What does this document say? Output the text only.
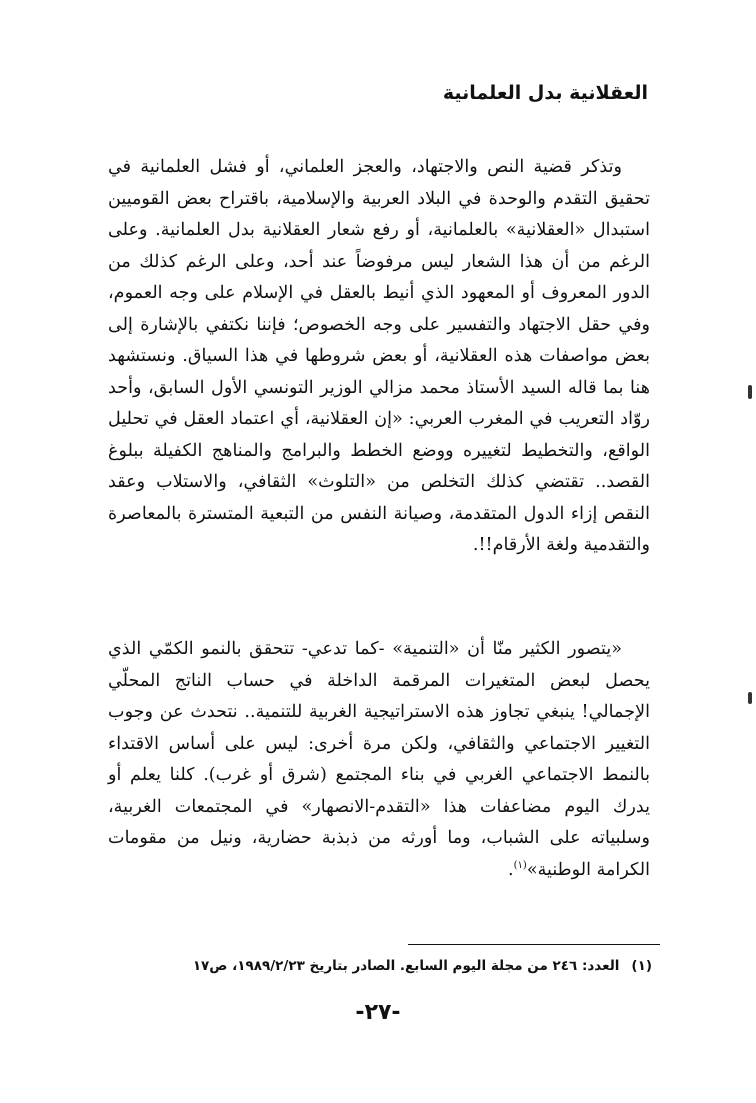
العقلانية بدل العلمانية

وتذكر قضية النص والاجتهاد، والعجز العلماني، أو فشل العلمانية في تحقيق التقدم والوحدة في البلاد العربية والإسلامية، باقتراح بعض القوميين استبدال «العقلانية» بالعلمانية، أو رفع شعار العقلانية بدل العلمانية. وعلى الرغم من أن هذا الشعار ليس مرفوضاً عند أحد، وعلى الرغم كذلك من الدور المعروف أو المعهود الذي أنيط بالعقل في الإسلام على وجه العموم، وفي حقل الاجتهاد والتفسير على وجه الخصوص؛ فإننا نكتفي بالإشارة إلى بعض مواصفات هذه العقلانية، أو بعض شروطها في هذا السياق. ونستشهد هنا بما قاله السيد الأستاذ محمد مزالي الوزير التونسي الأول السابق، وأحد روّاد التعريب في المغرب العربي: «إن العقلانية، أي اعتماد العقل في تحليل الواقع، والتخطيط لتغييره ووضع الخطط والبرامج والمناهج الكفيلة ببلوغ القصد.. تقتضي كذلك التخلص من «التلوث» الثقافي، والاستلاب وعقد النقص إزاء الدول المتقدمة، وصيانة النفس من التبعية المتسترة بالمعاصرة والتقدمية ولغة الأرقام!!.

«يتصور الكثير منّا أن «التنمية» -كما تدعي- تتحقق بالنمو الكمّي الذي يحصل لبعض المتغيرات المرقمة الداخلة في حساب الناتج المحلّي الإجمالي! ينبغي تجاوز هذه الاستراتيجية الغربية للتنمية.. نتحدث عن وجوب التغيير الاجتماعي والثقافي، ولكن مرة أخرى: ليس على أساس الاقتداء بالنمط الاجتماعي الغربي في بناء المجتمع (شرق أو غرب). كلنا يعلم أو يدرك اليوم مضاعفات هذا «التقدم-الانصهار» في المجتمعات الغربية، وسلبياته على الشباب، وما أورثه من ذبذبة حضارية، ونيل من مقومات الكرامة الوطنية»$^{(١)}$.

(١)العدد: ٢٤٦ من مجلة اليوم السابع. الصادر بتاريخ ١٩٨٩/٢/٢٣، ص١٧
-٢٧-
